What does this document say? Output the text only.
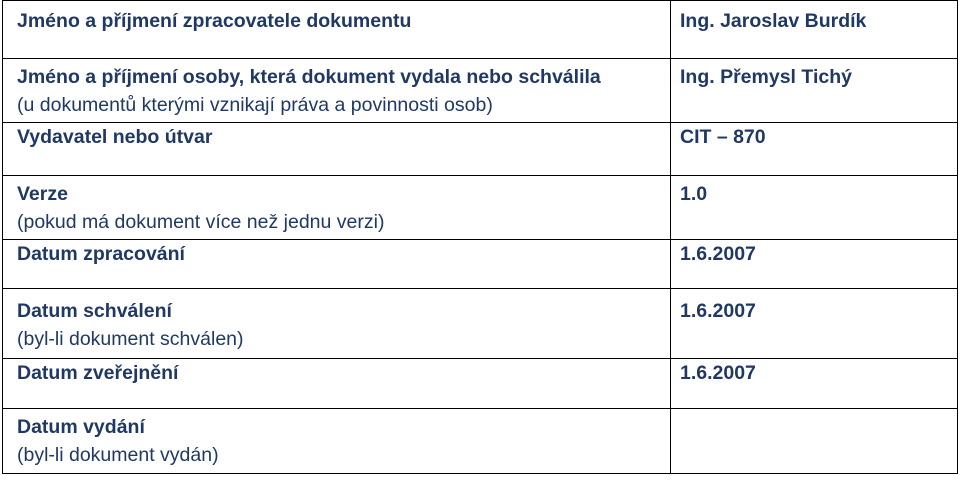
Jméno a příjmení zpracovatele dokumentu	Ing. Jaroslav Burdík

Jméno a příjmení osoby, která dokument vydala nebo schválila
(u dokumentů kterými vznikají práva a povinnosti osob)	Ing. Přemysl Tichý

Vydavatel nebo útvar	CIT – 870

Verze
(pokud má dokument více než jednu verzi)	1.0

Datum zpracování	1.6.2007

Datum schválení
(byl-li dokument schválen)	1.6.2007

Datum zveřejnění	1.6.2007

Datum vydání
(byl-li dokument vydán)	
